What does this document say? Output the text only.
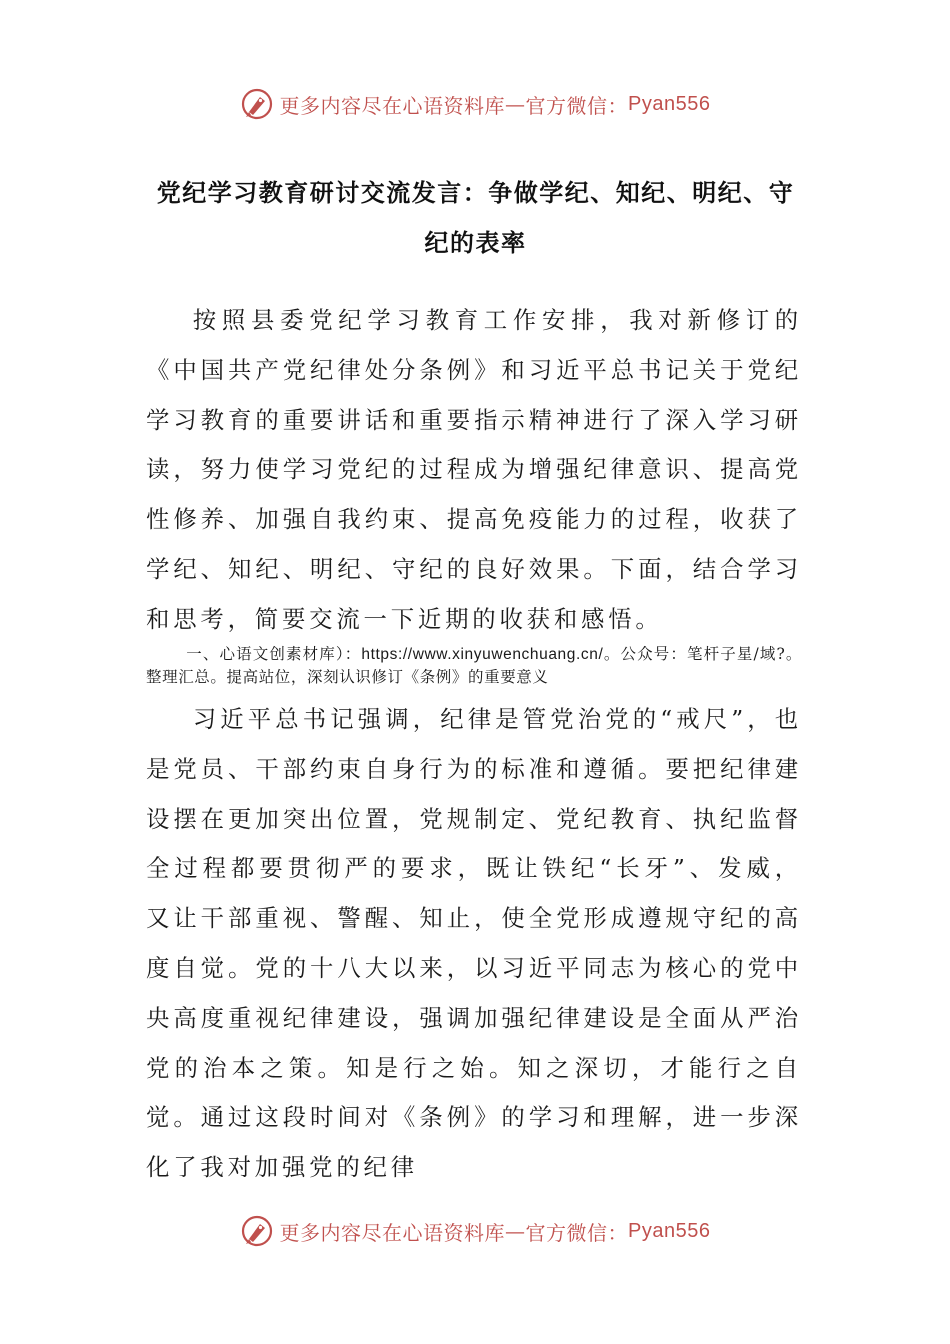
更多内容尽在心语资料库 — 官方微信： Pyan556
党纪学习教育研讨交流发言：争做学纪、知纪、明纪、守纪的表率

按照县委党纪学习教育工作安排，我对新修订的《中国共产党纪律处分条例》和习近平总书记关于党纪学习教育的重要讲话和重要指示精神进行了深入学习研读，努力使学习党纪的过程成为增强纪律意识、提高党性修养、加强自我约束、提高免疫能力的过程，收获了学纪、知纪、明纪、守纪的良好效果。下面，结合学习和思考，简要交流一下近期的收获和感悟。

一、心语文创素材库）：https://www.xinyuwenchuang.cn/。公众号：笔杆子星/域?。整理汇总。提高站位，深刻认识修订《条例》的重要意义

习近平总书记强调，纪律是管党治党的“戒尺”，也是党员、干部约束自身行为的标准和遵循。要把纪律建设摆在更加突出位置，党规制定、党纪教育、执纪监督全过程都要贯彻严的要求，既让铁纪“长牙”、发威，又让干部重视、警醒、知止，使全党形成遵规守纪的高度自觉。党的十八大以来，以习近平同志为核心的党中央高度重视纪律建设，强调加强纪律建设是全面从严治党的治本之策。知是行之始。知之深切，才能行之自觉。通过这段时间对《条例》的学习和理解，进一步深化了我对加强党的纪律

更多内容尽在心语资料库 — 官方微信： Pyan556
